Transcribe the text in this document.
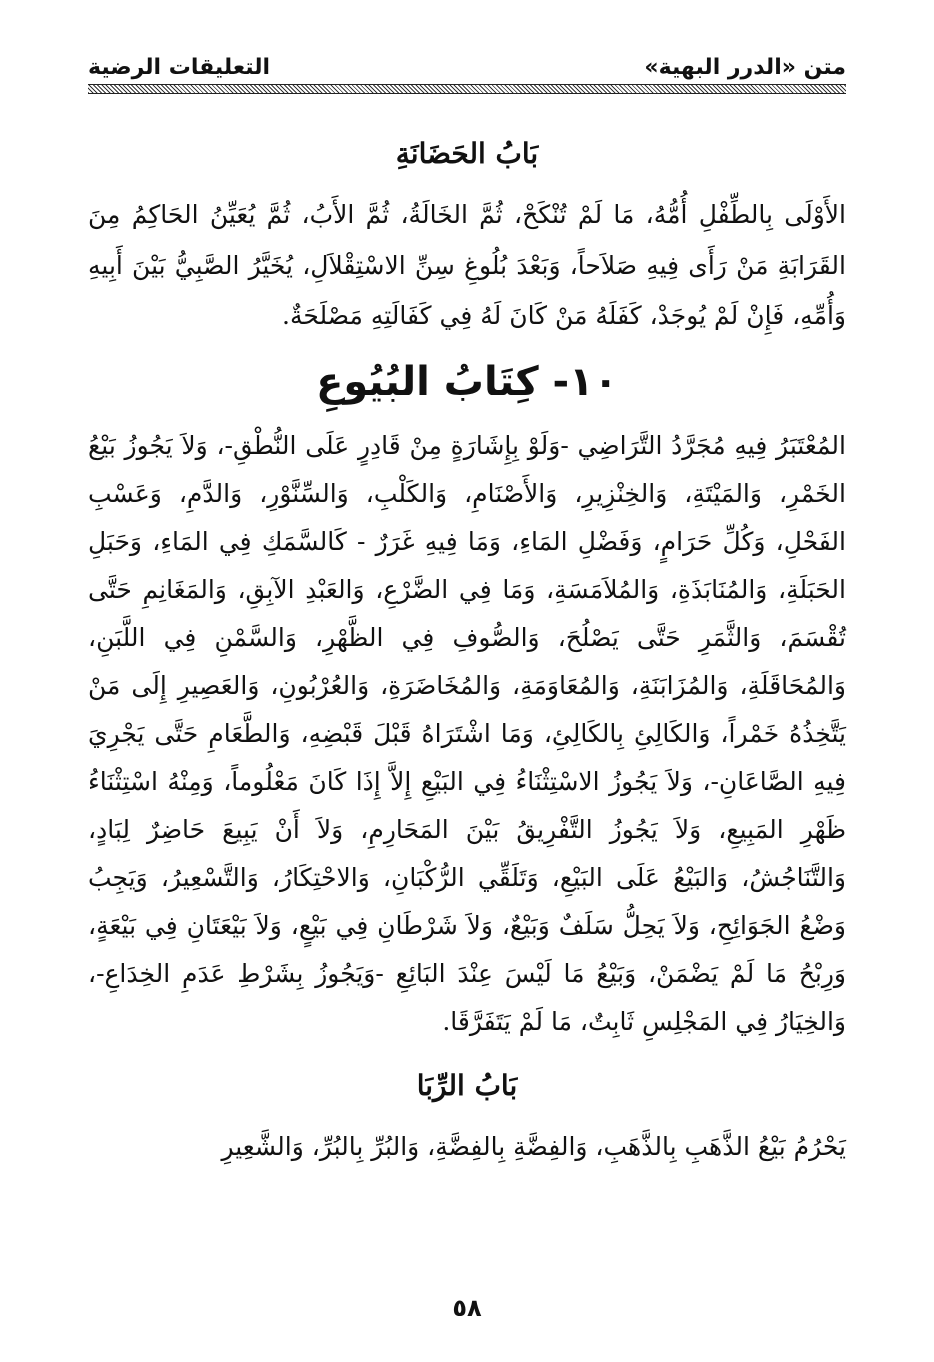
متن «الدرر البهية»
التعليقات الرضية
بَابُ الحَضَانَةِ

الأَوْلَى بِالطِّفْلِ أُمُّهُ، مَا لَمْ تُنْكَحْ، ثُمَّ الخَالَةُ، ثُمَّ الأَبُ، ثُمَّ يُعَيِّنُ الحَاكِمُ مِنَ القَرَابَةِ مَنْ رَأَى فِيهِ صَلاَحاً، وَبَعْدَ بُلُوغِ سِنِّ الاسْتِقْلاَلِ، يُخَيَّرُ الصَّبِيُّ بَيْنَ أَبِيهِ وَأُمِّهِ، فَإِنْ لَمْ يُوجَدْ، كَفَلَهُ مَنْ كَانَ لَهُ فِي كَفَالَتِهِ مَصْلَحَةٌ.

١٠- كِتَابُ البُيُوعِ

المُعْتَبَرُ فِيهِ مُجَرَّدُ التَّرَاضِي -وَلَوْ بِإِشَارَةٍ مِنْ قَادِرٍ عَلَى النُّطْقِ-، وَلاَ يَجُوزُ بَيْعُ الخَمْرِ، وَالمَيْتَةِ، وَالخِنْزِيرِ، وَالأَصْنَامِ، وَالكَلْبِ، وَالسِّنَّوْرِ، وَالدَّمِ، وَعَسْبِ الفَحْلِ، وَكُلِّ حَرَامٍ، وَفَضْلِ المَاءِ، وَمَا فِيهِ غَرَرٌ - كَالسَّمَكِ فِي المَاءِ، وَحَبَلِ الحَبَلَةِ، وَالمُنَابَذَةِ، وَالمُلاَمَسَةِ، وَمَا فِي الضَّرْعِ، وَالعَبْدِ الآبِقِ، وَالمَغَانِمِ حَتَّى تُقْسَمَ، وَالثَّمَرِ حَتَّى يَصْلُحَ، وَالصُّوفِ فِي الظَّهْرِ، وَالسَّمْنِ فِي اللَّبَنِ، وَالمُحَاقَلَةِ، وَالمُزَابَنَةِ، وَالمُعَاوَمَةِ، وَالمُخَاضَرَةِ، وَالعُرْبُونِ، وَالعَصِيرِ إِلَى مَنْ يَتَّخِذُهُ خَمْراً، وَالكَالِئِ بِالكَالِئِ، وَمَا اشْتَرَاهُ قَبْلَ قَبْضِهِ، وَالطَّعَامِ حَتَّى يَجْرِيَ فِيهِ الصَّاعَانِ-، وَلاَ يَجُوزُ الاسْتِثْنَاءُ فِي البَيْعِ إِلاَّ إِذَا كَانَ مَعْلُوماً، وَمِنْهُ اسْتِثْنَاءُ ظَهْرِ المَبِيعِ، وَلاَ يَجُوزُ التَّفْرِيقُ بَيْنَ المَحَارِمِ، وَلاَ أَنْ يَبِيعَ حَاضِرٌ لِبَادٍ، وَالتَّنَاجُشُ، وَالبَيْعُ عَلَى البَيْعِ، وَتَلَقِّي الرُّكْبَانِ، وَالاحْتِكَارُ، وَالتَّسْعِيرُ، وَيَجِبُ وَضْعُ الجَوَائِحِ، وَلاَ يَحِلُّ سَلَفٌ وَبَيْعٌ، وَلاَ شَرْطَانِ فِي بَيْعٍ، وَلاَ بَيْعَتَانِ فِي بَيْعَةٍ، وَرِبْحُ مَا لَمْ يَضْمَنْ، وَبَيْعُ مَا لَيْسَ عِنْدَ البَائِعِ -وَيَجُوزُ بِشَرْطِ عَدَمِ الخِدَاعِ-، وَالخِيَارُ فِي المَجْلِسِ ثَابِتٌ، مَا لَمْ يَتَفَرَّقَا.

بَابُ الرِّبَا

يَحْرُمُ بَيْعُ الذَّهَبِ بِالذَّهَبِ، وَالفِضَّةِ بِالفِضَّةِ، وَالبُرِّ بِالبُرِّ، وَالشَّعِيرِ

٥٨
